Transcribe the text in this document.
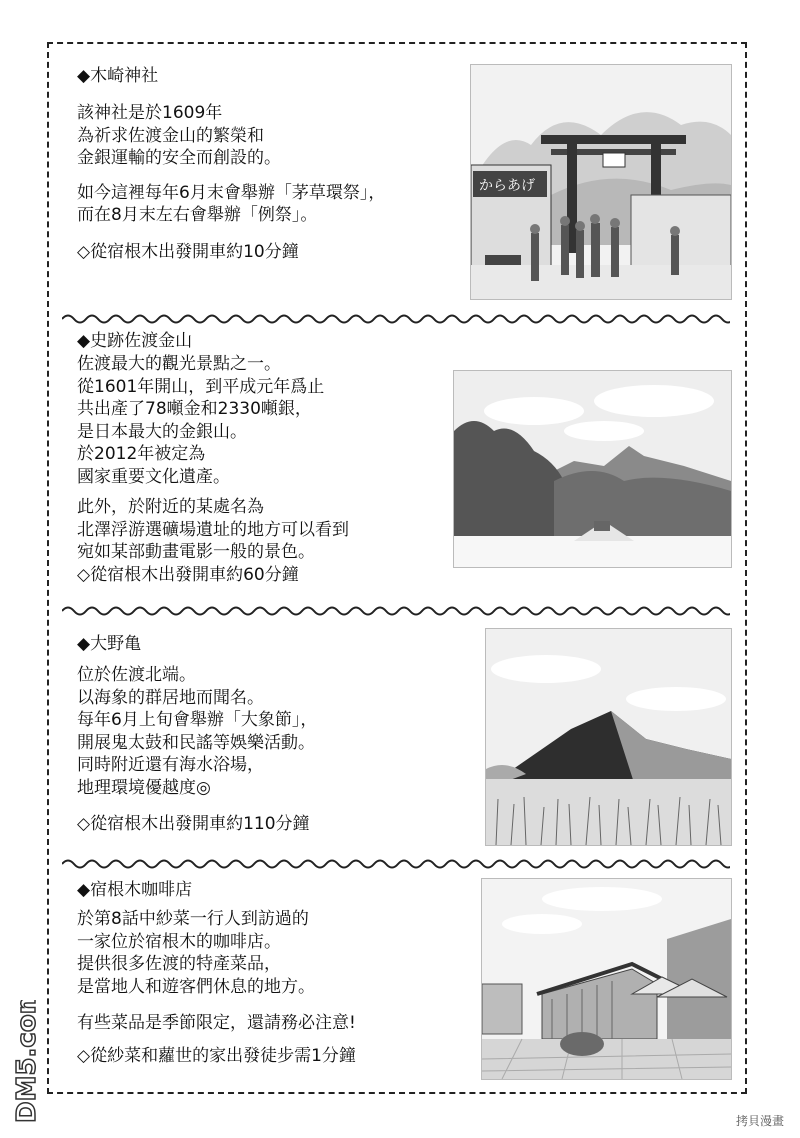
◆木崎神社

該神社是於1609年

為祈求佐渡金山的繁榮和

金銀運輸的安全而創設的。

如今這裡每年6月末會舉辦「茅草環祭」，

而在8月末左右會舉辦「例祭」。

◇從宿根木出發開車約10分鐘

からあげ

◆史跡佐渡金山

佐渡最大的觀光景點之一。

從1601年開山，到平成元年爲止

共出產了78噸金和2330噸銀，

是日本最大的金銀山。

於2012年被定為

國家重要文化遺產。

此外，於附近的某處名為

北澤浮游選礦場遺址的地方可以看到

宛如某部動畫電影一般的景色。

◇從宿根木出發開車約60分鐘

◆大野亀

位於佐渡北端。

以海象的群居地而聞名。

每年6月上旬會舉辦「大象節」，

開展鬼太鼓和民謠等娛樂活動。

同時附近還有海水浴場，

地理環境優越度◎

◇從宿根木出發開車約110分鐘

◆宿根木咖啡店

於第8話中紗菜一行人到訪過的

一家位於宿根木的咖啡店。

提供很多佐渡的特產菜品，

是當地人和遊客們休息的地方。

有些菜品是季節限定，還請務必注意!

◇從紗菜和蘿世的家出發徒步需1分鐘

DM5.com	拷貝漫畫
